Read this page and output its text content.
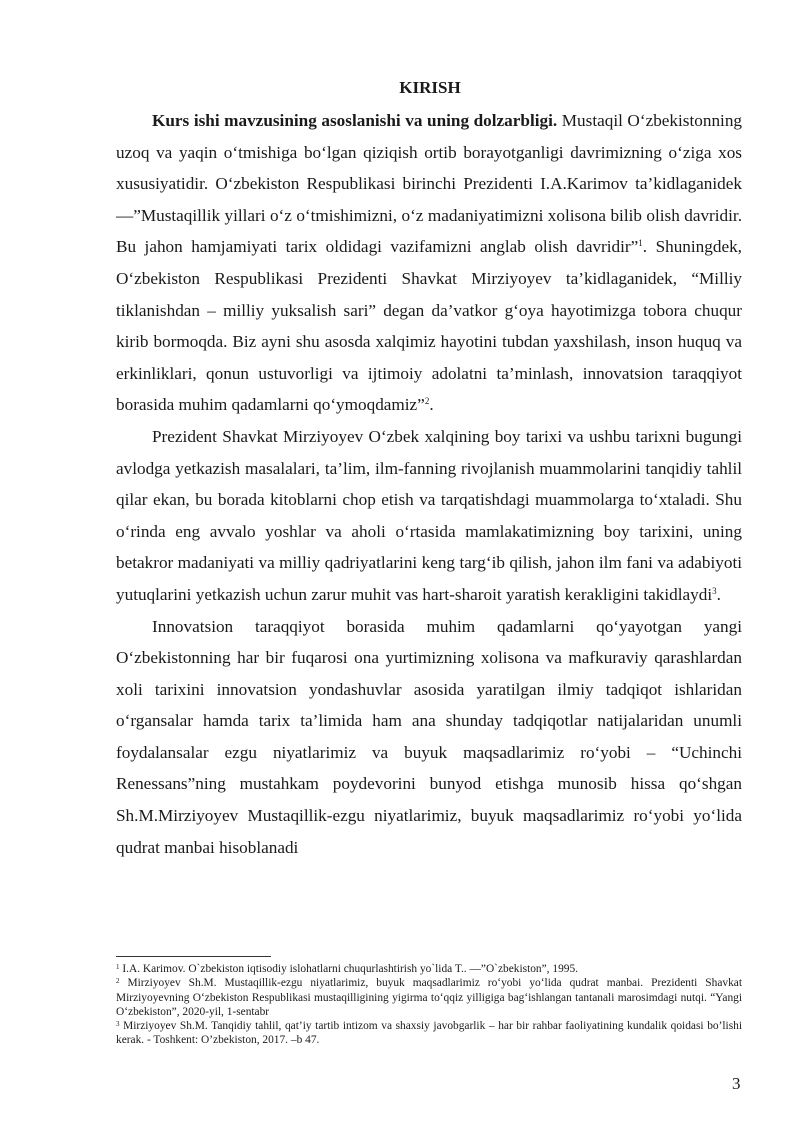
KIRISH

Kurs ishi mavzusining asoslanishi va uning dolzarbligi. Mustaqil O‘zbekistonning uzoq va yaqin o‘tmishiga bo‘lgan qiziqish ortib borayotganligi davrimizning o‘ziga xos xususiyatidir. O‘zbekiston Respublikasi birinchi Prezidenti I.A.Karimov ta’kidlaganidek ―”Mustaqillik yillari o‘z o‘tmishimizni, o‘z madaniyatimizni xolisona bilib olish davridir. Bu jahon hamjamiyati tarix oldidagi vazifamizni anglab olish davridir”$^1$. Shuningdek, O‘zbekiston Respublikasi Prezidenti Shavkat Mirziyoyev ta’kidlaganidek, “Milliy tiklanishdan – milliy yuksalish sari” degan da’vatkor g‘oya hayotimizga tobora chuqur kirib bormoqda. Biz ayni shu asosda xalqimiz hayotini tubdan yaxshilash, inson huquq va erkinliklari, qonun ustuvorligi va ijtimoiy adolatni ta’minlash, innovatsion taraqqiyot borasida muhim qadamlarni qo‘ymoqdamiz”$^2$.

Prezident Shavkat Mirziyoyev O‘zbek xalqining boy tarixi va ushbu tarixni bugungi avlodga yetkazish masalalari, ta’lim, ilm-fanning rivojlanish muammolarini tanqidiy tahlil qilar ekan, bu borada kitoblarni chop etish va tarqatishdagi muammolarga to‘xtaladi. Shu o‘rinda eng avvalo yoshlar va aholi o‘rtasida mamlakatimizning boy tarixini, uning betakror madaniyati va milliy qadriyatlarini keng targ‘ib qilish, jahon ilm fani va adabiyoti yutuqlarini yetkazish uchun zarur muhit vas hart-sharoit yaratish kerakligini takidlaydi$^3$.

Innovatsion taraqqiyot borasida muhim qadamlarni qo‘yayotgan yangi O‘zbekistonning har bir fuqarosi ona yurtimizning xolisona va mafkuraviy qarashlardan xoli tarixini innovatsion yondashuvlar asosida yaratilgan ilmiy tadqiqot ishlaridan o‘rgansalar hamda tarix ta’limida ham ana shunday tadqiqotlar natijalaridan unumli foydalansalar ezgu niyatlarimiz va buyuk maqsadlarimiz ro‘yobi – “Uchinchi Renessans”ning mustahkam poydevorini bunyod etishga munosib hissa qo‘shgan Sh.M.Mirziyoyev Mustaqillik-ezgu niyatlarimiz, buyuk maqsadlarimiz ro‘yobi yo‘lida qudrat manbai hisoblanadi

$^1$ I.A. Karimov. O`zbekiston iqtisodiy islohatlarni chuqurlashtirish yo`lida T.. ―”O`zbekiston”, 1995.
$^2$ Mirziyoyev Sh.M. Mustaqillik-ezgu niyatlarimiz, buyuk maqsadlarimiz ro‘yobi yo‘lida qudrat manbai. Prezidenti Shavkat Mirziyoyevning O‘zbekiston Respublikasi mustaqilligining yigirma to‘qqiz yilligiga bag‘ishlangan tantanali marosimdagi nutqi. “Yangi O‘zbekiston”, 2020-yil, 1-sentabr
$^3$ Mirziyoyev Sh.M. Tanqidiy tahlil, qat’iy tartib intizom va shaxsiy javobgarlik – har bir rahbar faoliyatining kundalik qoidasi bo’lishi kerak. - Toshkent: O’zbekiston, 2017. –b 47.
3
